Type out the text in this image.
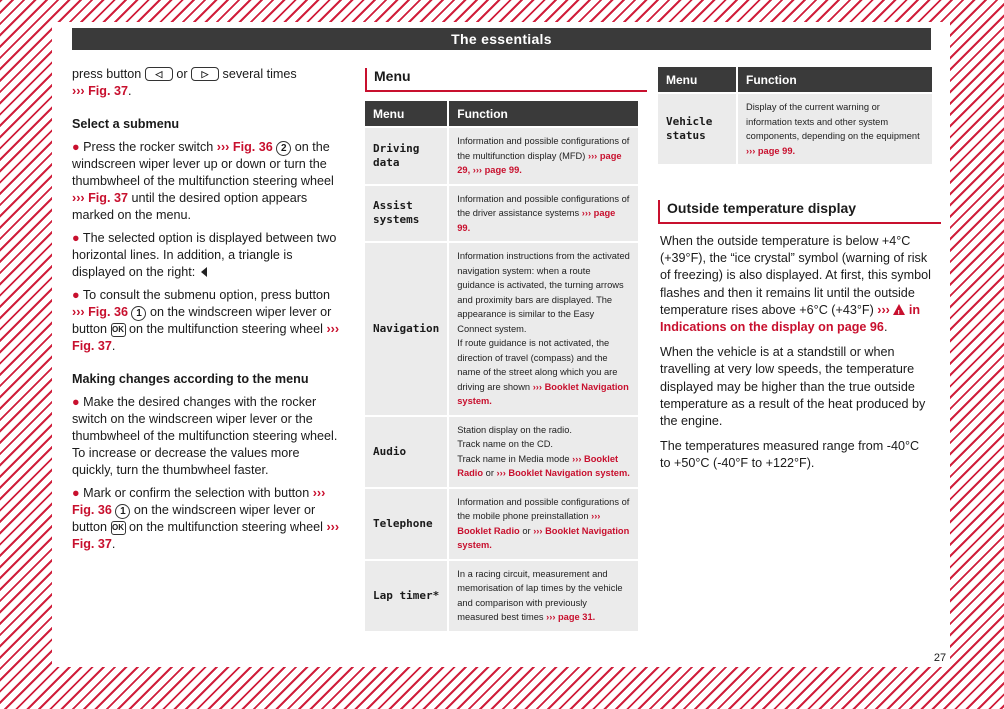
The essentials

press button ◁ or ▷ several times
››› Fig. 37.

Select a submenu

● Press the rocker switch ››› Fig. 36 2 on the windscreen wiper lever up or down or turn the thumbwheel of the multifunction steering wheel ››› Fig. 37 until the desired option appears marked on the menu.

● The selected option is displayed between two horizontal lines. In addition, a triangle is displayed on the right:

● To consult the submenu option, press button ››› Fig. 36 1 on the windscreen wiper lever or button OK on the multifunction steering wheel ››› Fig. 37.

Making changes according to the menu

● Make the desired changes with the rocker switch on the windscreen wiper lever or the thumbwheel of the multifunction steering wheel. To increase or decrease the values more quickly, turn the thumbwheel faster.

● Mark or confirm the selection with button ››› Fig. 36 1 on the windscreen wiper lever or button OK on the multifunction steering wheel ››› Fig. 37.

Menu
Menu	Function
Driving data	Information and possible configurations of the multifunction display (MFD) ››› page 29, ››› page 99.
Assist systems	Information and possible configurations of the driver assistance systems ››› page 99.
Navigation	Information instructions from the activated navigation system: when a route guidance is activated, the turning arrows and proximity bars are displayed. The appearance is similar to the Easy Connect system.
If route guidance is not activated, the direction of travel (compass) and the name of the street along which you are driving are shown ››› Booklet Navigation system.
Audio	Station display on the radio.
Track name on the CD.
Track name in Media mode ››› Booklet Radio or ››› Booklet Navigation system.
Telephone	Information and possible configurations of the mobile phone preinstallation ››› Booklet Radio or ››› Booklet Navigation system.
Lap timer*	In a racing circuit, measurement and memorisation of lap times by the vehicle and comparison with previously measured best times ››› page 31.
Menu	Function
Vehicle status	Display of the current warning or information texts and other system components, depending on the equipment
››› page 99.
Outside temperature display

When the outside temperature is below +4°C (+39°F), the “ice crystal” symbol (warning of risk of freezing) is also displayed. At first, this symbol flashes and then it remains lit until the outside temperature rises above +6°C (+43°F) ››› ! in Indications on the display on page 96.

When the vehicle is at a standstill or when travelling at very low speeds, the temperature displayed may be higher than the true outside temperature as a result of the heat produced by the engine.

The temperatures measured range from -40°C to +50°C (-40°F to +122°F).

27
